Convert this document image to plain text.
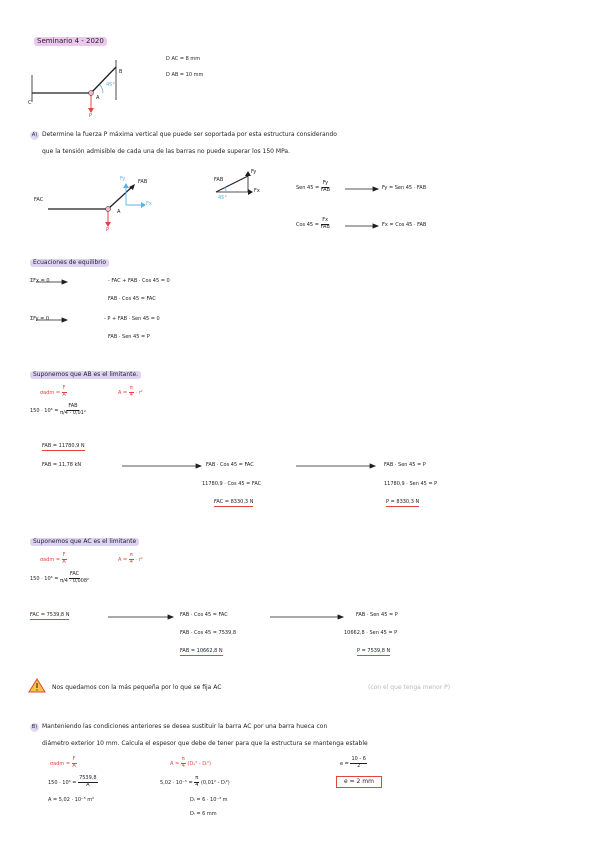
Seminario 4 - 2020
D AC = 8 mm
D AB = 10 mm
B
C
A
P
45°
A) Determine la fuerza P máxima vertical que puede ser soportada por esta estructura considerando
que la tensión admisible de cada una de las barras no puede superar los 150 MPa.
FAC
FAB
Fy
Fx
A
P
FAB
Fy
Fx
45°
Sen $45 = \frac{Fy}{\text{FAB}}$	Fy = Sen 45 · FAB
Cos $45 = \frac{Fx}{\text{FAB}}$	Fx = Cos 45 · FAB
Ecuaciones de equilibrio
ΣFx = 0	- FAC + FAB · Cos 45 = 0
FAB · Cos 45 = FAC
ΣFy = 0	- P + FAB · Sen 45 = 0
FAB · Sen 45 = P
Suponemos que AB es el limitante.
$\sigma adm = \frac{F}{A}$	$A = \frac{\pi}{4} \cdot r^2$
$150 \cdot 10^6 = \frac{\text{FAB}}{\text{π/4 · 0,01²}}$
FAB = 11780,9 N
FAB = 11,78 kN	FAB · Cos 45 = FAC
11780,9 · Cos 45 = FAC
FAC = 8330,3 N
FAB · Sen 45 = P
11780,9 · Sen 45 = P
P = 8330,3 N
Suponemos que AC es el limitante
$\sigma adm = \frac{F}{A}$	$A = \frac{\pi}{4} \cdot r^2$
$150 \cdot 10^6 = \frac{\text{FAC}}{\text{π/4 · 0,008²}}$
FAC = 7539,8 N	FAB · Cos 45 = FAC
FAB · Cos 45 = 7539,8
FAB = 10662,8 N
FAB · Sen 45 = P
10662,8 · Sen 45 = P
P = 7539,8 N
Nos quedamos con la más pequeña por lo que se fija AC	(con el que tenga menor P)
B) Manteniendo las condiciones anteriores se desea sustituir la barra AC por una barra hueca con
diámetro exterior 10 mm. Calcula el espesor que debe de tener para que la estructura se mantenga estable
$\sigma adm = \frac{F}{A}$
$150 \cdot 10^6 = \frac{7539,8}{A}$
A = 5,02 · 10⁻⁵ m²
$A = \frac{\pi}{4} (D_e^2$ - Dᵢ²)
$5,02 \cdot 10^{-5} = \frac{\pi}{4} (0,01^2$ - Dᵢ²)
Dᵢ = 6 · 10⁻³ m
Dᵢ = 6 mm
$e = \frac{10 - 6}{2}$
e = 2 mm
